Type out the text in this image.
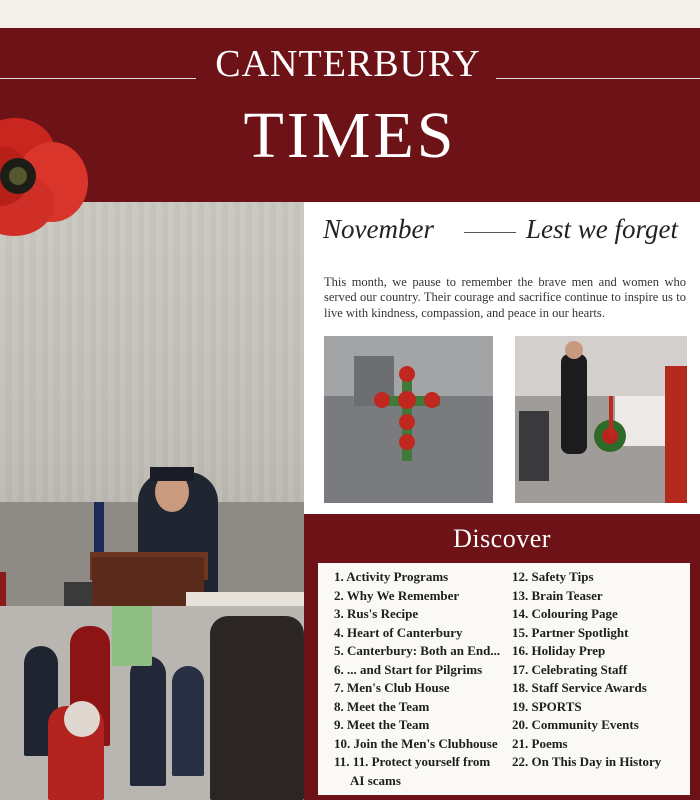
CANTERBURY
TIMES
November	Lest we forget

This month, we pause to remember the brave men and women who served our country. Their courage and sacrifice continue to inspire us to live with kindness, compassion, and peace in our hearts.

Discover
1. Activity Programs
2. Why We Remember
3. Rus's Recipe
4. Heart of Canterbury
5. Canterbury: Both an End...
6. ... and Start for Pilgrims
7. Men's Club House
8. Meet the Team
9. Meet the Team
10. Join the Men's Clubhouse
11. 11. Protect yourself from
AI scams
12. Safety Tips
13. Brain Teaser
14. Colouring Page
15. Partner Spotlight
16. Holiday Prep
17. Celebrating Staff
18. Staff Service Awards
19. SPORTS
20. Community Events
21. Poems
22. On This Day in History
